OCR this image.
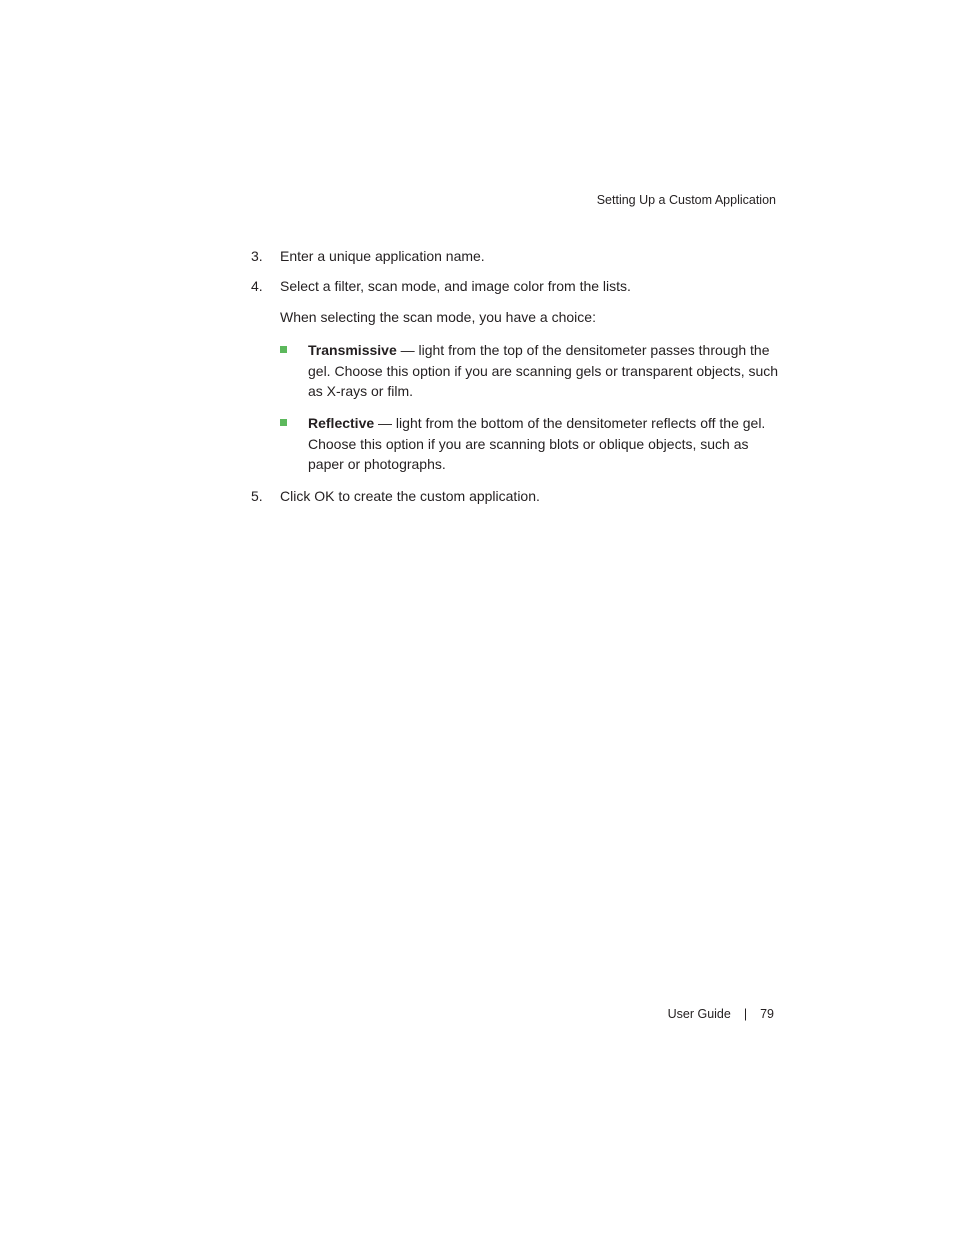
Setting Up a Custom Application
3. Enter a unique application name.
4. Select a filter, scan mode, and image color from the lists.
When selecting the scan mode, you have a choice:
Transmissive — light from the top of the densitometer passes through the gel. Choose this option if you are scanning gels or transparent objects, such as X-rays or film.
Reflective — light from the bottom of the densitometer reflects off the gel. Choose this option if you are scanning blots or oblique objects, such as paper or photographs.
5. Click OK to create the custom application.
User Guide | 79
